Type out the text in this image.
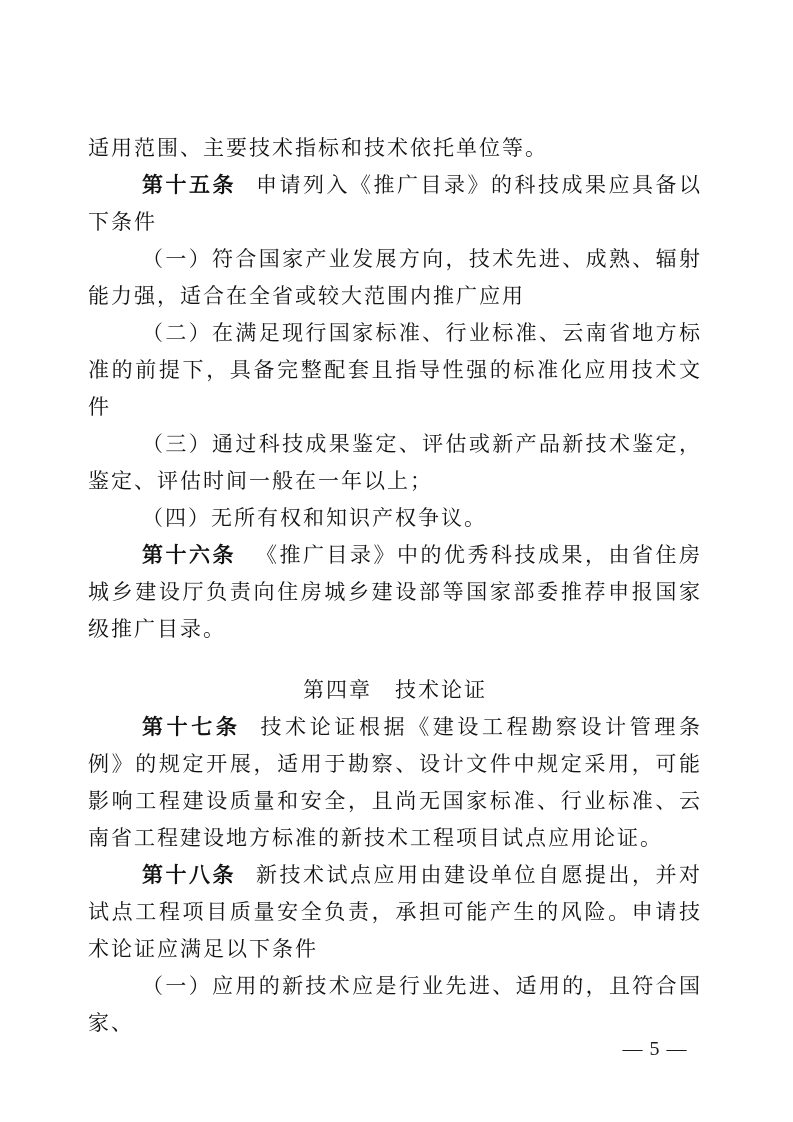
适用范围、主要技术指标和技术依托单位等。

第十五条 申请列入《推广目录》的科技成果应具备以下条件

（一）符合国家产业发展方向，技术先进、成熟、辐射能力强，适合在全省或较大范围内推广应用

（二）在满足现行国家标准、行业标准、云南省地方标准的前提下，具备完整配套且指导性强的标准化应用技术文件

（三）通过科技成果鉴定、评估或新产品新技术鉴定，鉴定、评估时间一般在一年以上；

（四）无所有权和知识产权争议。

第十六条 《推广目录》中的优秀科技成果，由省住房城乡建设厅负责向住房城乡建设部等国家部委推荐申报国家级推广目录。

第四章　技术论证

第十七条 技术论证根据《建设工程勘察设计管理条例》的规定开展，适用于勘察、设计文件中规定采用，可能影响工程建设质量和安全，且尚无国家标准、行业标准、云南省工程建设地方标准的新技术工程项目试点应用论证。

第十八条 新技术试点应用由建设单位自愿提出，并对试点工程项目质量安全负责，承担可能产生的风险。申请技术论证应满足以下条件

（一）应用的新技术应是行业先进、适用的，且符合国家、

— 5 —
